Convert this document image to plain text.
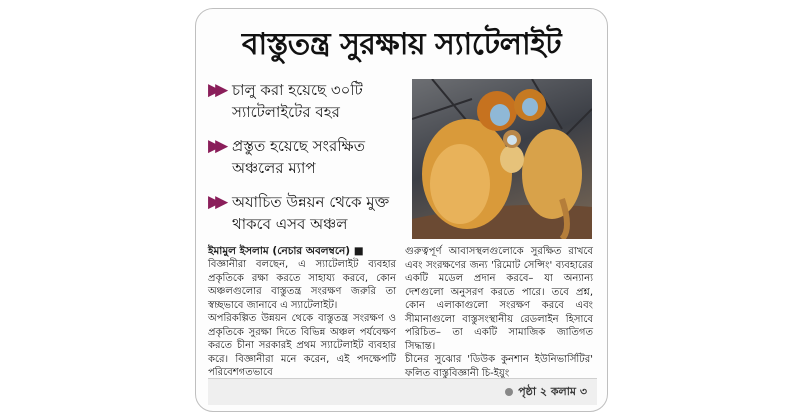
বাস্তুতন্ত্র সুরক্ষায় স্যাটেলাইট
▶▶ চালু করা হয়েছে ৩০টি
স্যাটেলাইটের বহর
▶▶ প্রস্তুত হয়েছে সংরক্ষিত
অঞ্চলের ম্যাপ
▶▶ অযাচিত উন্নয়ন থেকে মুক্ত
থাকবে এসব অঞ্চল
ইমামুল ইসলাম (নেচার অবলম্বনে) ■

বিজ্ঞানীরা বলছেন, এ স্যাটেলাইট ব্যবহার প্রকৃতিকে রক্ষা করতে সাহায্য করবে, কোন অঞ্চলগুলোর বাস্তুতন্ত্র সংরক্ষণ জরুরি তা স্বচ্ছভাবে জানাবে এ স্যাটেলাইট।

অপরিকল্পিত উন্নয়ন থেকে বাস্তুতন্ত্র সংরক্ষণ ও প্রকৃতিকে সুরক্ষা দিতে বিভিন্ন অঞ্চল পর্যবেক্ষণ করতে চীনা সরকারই প্রথম স্যাটেলাইট ব্যবহার করে। বিজ্ঞানীরা মনে করেন, এই পদক্ষেপটি পরিবেশগতভাবে

গুরুত্বপূর্ণ আবাসস্থলগুলোকে সুরক্ষিত রাখবে এবং সংরক্ষণের জন্য 'রিমোট সেন্সিং' ব্যবহারের একটি মডেল প্রদান করবে– যা অন্যান্য দেশগুলো অনুসরণ করতে পারে। তবে প্রশ্ন, কোন এলাকাগুলো সংরক্ষণ করবে এবং সীমানাগুলো বাস্তুসংস্থানীয় রেডলাইন হিসাবে পরিচিত– তা একটি সামাজিক জাতিগত সিদ্ধান্ত।

চীনের সুঝোর 'ডিউক কুনশান ইউনিভার্সিটির' ফলিত বাস্তুবিজ্ঞানী চি-ইয়ুং

পৃষ্ঠা ২ কলাম ৩
